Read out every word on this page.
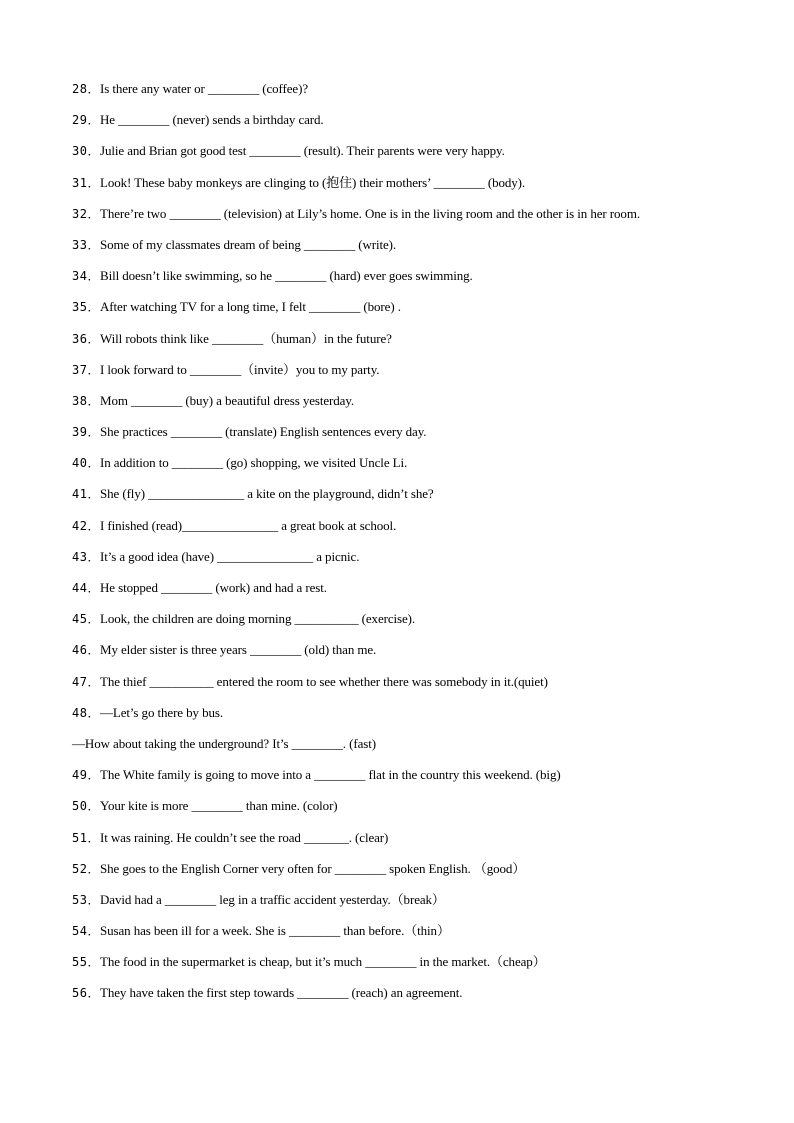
28．Is there any water or ________ (coffee)?
29．He ________ (never) sends a birthday card.
30．Julie and Brian got good test ________ (result). Their parents were very happy.
31．Look! These baby monkeys are clinging to (抱住) their mothers’ ________ (body).
32．There’re two ________ (television) at Lily’s home. One is in the living room and the other is in her room.
33．Some of my classmates dream of being ________ (write).
34．Bill doesn’t like swimming, so he ________ (hard) ever goes swimming.
35．After watching TV for a long time, I felt ________ (bore) .
36．Will robots think like ________（human）in the future?
37．I look forward to ________（invite）you to my party.
38．Mom ________ (buy) a beautiful dress yesterday.
39．She practices ________ (translate) English sentences every day.
40．In addition to ________ (go) shopping, we visited Uncle Li.
41．She (fly) _______________ a kite on the playground, didn’t she?
42．I finished (read)_______________ a great book at school.
43．It’s a good idea (have) _______________ a picnic.
44．He stopped ________ (work) and had a rest.
45．Look, the children are doing morning __________ (exercise).
46．My elder sister is three years ________ (old) than me.
47．The thief __________ entered the room to see whether there was somebody in it.(quiet)
48．—Let’s go there by bus.
—How about taking the underground? It’s ________. (fast)
49．The White family is going to move into a ________ flat in the country this weekend. (big)
50．Your kite is more ________ than mine. (color)
51．It was raining. He couldn’t see the road _______. (clear)
52．She goes to the English Corner very often for ________ spoken English. （good）
53．David had a ________ leg in a traffic accident yesterday.（break）
54．Susan has been ill for a week. She is ________ than before.（thin）
55．The food in the supermarket is cheap, but it’s much ________ in the market.（cheap）
56．They have taken the first step towards ________ (reach) an agreement.
